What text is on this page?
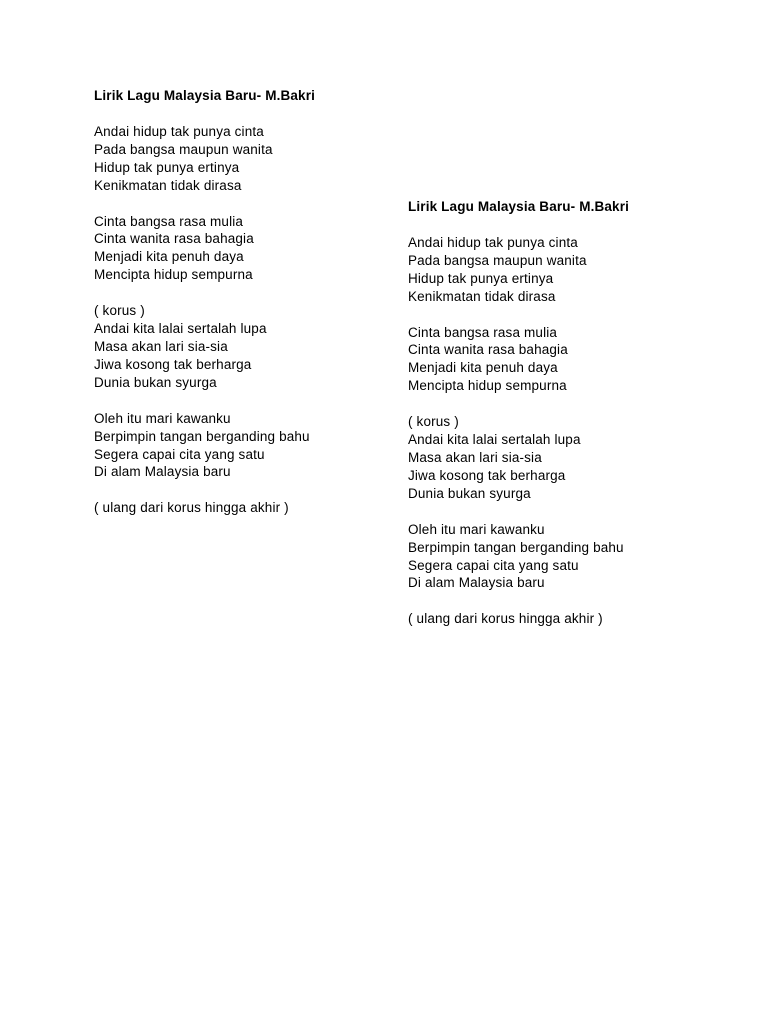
Lirik Lagu Malaysia Baru- M.Bakri
Andai hidup tak punya cinta
Pada bangsa maupun wanita
Hidup tak punya ertinya
Kenikmatan tidak dirasa
Cinta bangsa rasa mulia
Cinta wanita rasa bahagia
Menjadi kita penuh daya
Mencipta hidup sempurna
( korus )
Andai kita lalai sertalah lupa
Masa akan lari sia-sia
Jiwa kosong tak berharga
Dunia bukan syurga
Oleh itu mari kawanku
Berpimpin tangan berganding bahu
Segera capai cita yang satu
Di alam Malaysia baru
( ulang dari korus hingga akhir )
Lirik Lagu Malaysia Baru- M.Bakri
Andai hidup tak punya cinta
Pada bangsa maupun wanita
Hidup tak punya ertinya
Kenikmatan tidak dirasa
Cinta bangsa rasa mulia
Cinta wanita rasa bahagia
Menjadi kita penuh daya
Mencipta hidup sempurna
( korus )
Andai kita lalai sertalah lupa
Masa akan lari sia-sia
Jiwa kosong tak berharga
Dunia bukan syurga
Oleh itu mari kawanku
Berpimpin tangan berganding bahu
Segera capai cita yang satu
Di alam Malaysia baru
( ulang dari korus hingga akhir )
